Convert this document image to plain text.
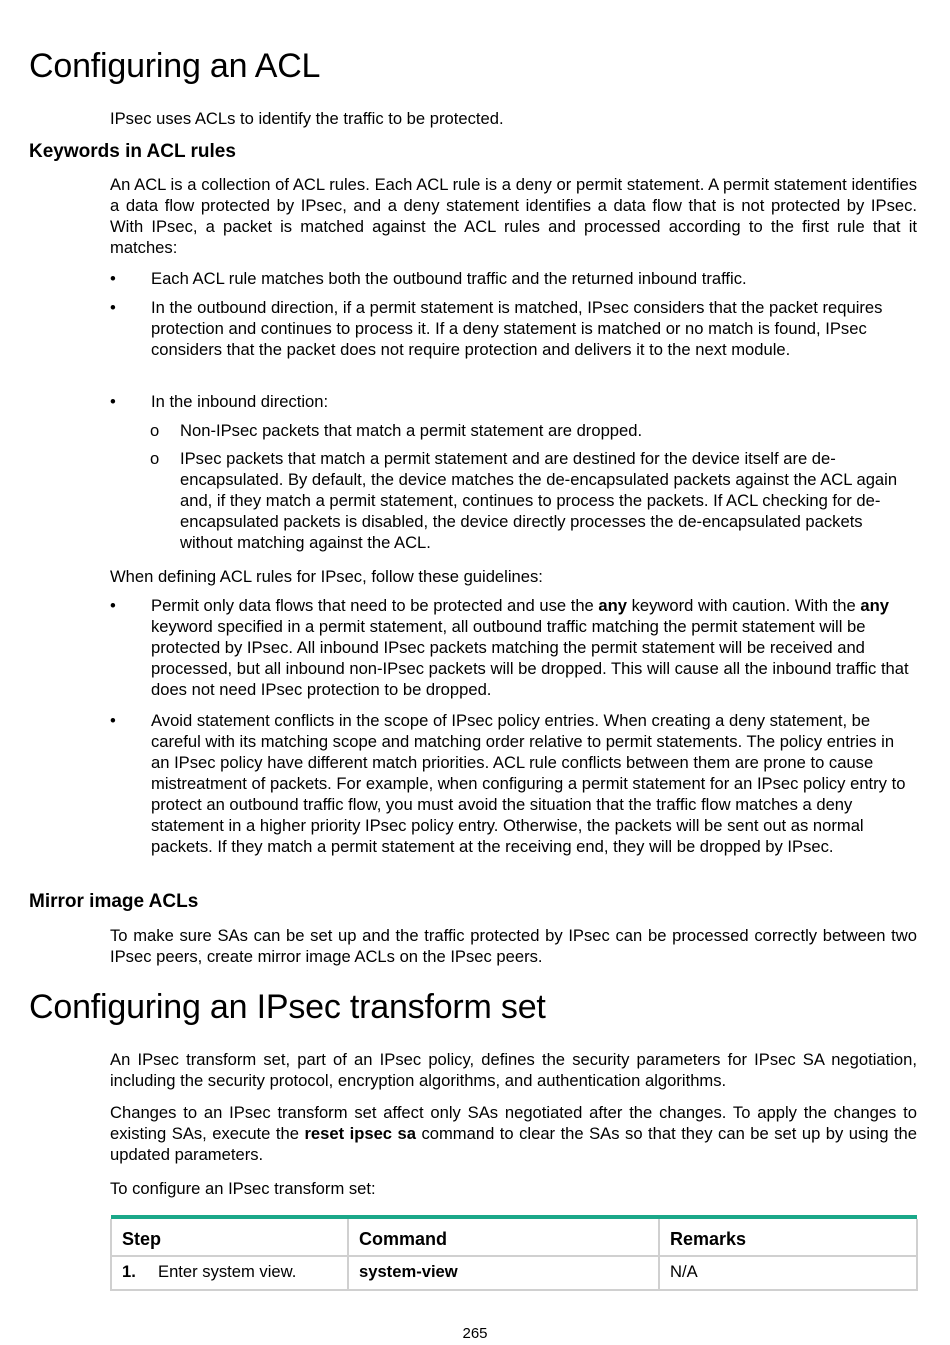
Configuring an ACL
IPsec uses ACLs to identify the traffic to be protected.
Keywords in ACL rules
An ACL is a collection of ACL rules. Each ACL rule is a deny or permit statement. A permit statement identifies a data flow protected by IPsec, and a deny statement identifies a data flow that is not protected by IPsec. With IPsec, a packet is matched against the ACL rules and processed according to the first rule that it matches:
•	Each ACL rule matches both the outbound traffic and the returned inbound traffic.
•	In the outbound direction, if a permit statement is matched, IPsec considers that the packet requires protection and continues to process it. If a deny statement is matched or no match is found, IPsec considers that the packet does not require protection and delivers it to the next module.
•	In the inbound direction:
o Non-IPsec packets that match a permit statement are dropped.
o IPsec packets that match a permit statement and are destined for the device itself are de-encapsulated. By default, the device matches the de-encapsulated packets against the ACL again and, if they match a permit statement, continues to process the packets. If ACL checking for de-encapsulated packets is disabled, the device directly processes the de-encapsulated packets without matching against the ACL.
When defining ACL rules for IPsec, follow these guidelines:
•	Permit only data flows that need to be protected and use the any keyword with caution. With the any keyword specified in a permit statement, all outbound traffic matching the permit statement will be protected by IPsec. All inbound IPsec packets matching the permit statement will be received and processed, but all inbound non-IPsec packets will be dropped. This will cause all the inbound traffic that does not need IPsec protection to be dropped.
•	Avoid statement conflicts in the scope of IPsec policy entries. When creating a deny statement, be careful with its matching scope and matching order relative to permit statements. The policy entries in an IPsec policy have different match priorities. ACL rule conflicts between them are prone to cause mistreatment of packets. For example, when configuring a permit statement for an IPsec policy entry to protect an outbound traffic flow, you must avoid the situation that the traffic flow matches a deny statement in a higher priority IPsec policy entry. Otherwise, the packets will be sent out as normal packets. If they match a permit statement at the receiving end, they will be dropped by IPsec.
Mirror image ACLs
To make sure SAs can be set up and the traffic protected by IPsec can be processed correctly between two IPsec peers, create mirror image ACLs on the IPsec peers.
Configuring an IPsec transform set
An IPsec transform set, part of an IPsec policy, defines the security parameters for IPsec SA negotiation, including the security protocol, encryption algorithms, and authentication algorithms.
Changes to an IPsec transform set affect only SAs negotiated after the changes. To apply the changes to existing SAs, execute the reset ipsec sa command to clear the SAs so that they can be set up by using the updated parameters.
To configure an IPsec transform set:

Step	Command	Remarks
1. Enter system view.	system-view	N/A
265
